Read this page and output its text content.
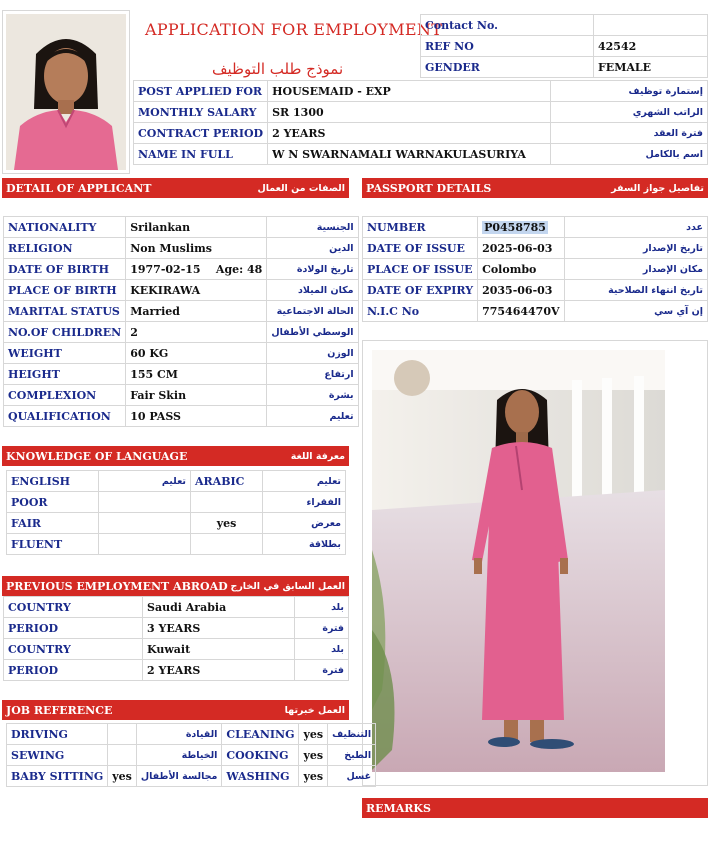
APPLICATION FOR EMPLOYMENT
نموذج طلب التوظيف
Contact No.	
REF NO	42542
GENDER	FEMALE
POST APPLIED FOR	HOUSEMAID - EXP	إستمارة توظيف
MONTHLY SALARY	SR 1300	الراتب الشهري
CONTRACT PERIOD	2 YEARS	فترة العقد
NAME IN FULL	W N SWARNAMALI WARNAKULASURIYA	اسم بالكامل
DETAIL OF APPLICANT	الصفات من العمال PASSPORT DETAILS	تفاصيل جواز السفر
NATIONALITY	Srilankan	الجنسية
RELIGION	Non Muslims	الدين
DATE OF BIRTH	1977-02-15 Age: 48	تاريخ الولادة
PLACE OF BIRTH	KEKIRAWA	مكان الميلاد
MARITAL STATUS	Married	الحالة الاجتماعية
NO.OF CHILDREN	2	الوسطي الأطفال
WEIGHT	60 KG	الوزن
HEIGHT	155 CM	ارتفاع
COMPLEXION	Fair Skin	بشرة
QUALIFICATION	10 PASS	تعليم
NUMBER	P0458785	عدد
DATE OF ISSUE	2025-06-03	تاريخ الإصدار
PLACE OF ISSUE	Colombo	مكان الإصدار
DATE OF EXPIRY	2035-06-03	تاريخ انتهاء الصلاحية
N.I.C No	775464470V	إن آي سي
KNOWLEDGE OF LANGUAGE	معرفة اللغة
ENGLISH	تعليم	ARABIC	تعليم
POOR			الفقراء
FAIR		yes	معرض
FLUENT			بطلاقة
PREVIOUS EMPLOYMENT ABROAD العمل السابق في الخارج
COUNTRY	Saudi Arabia	بلد
PERIOD	3 YEARS	فترة
COUNTRY	Kuwait	بلد
PERIOD	2 YEARS	فترة
JOB REFERENCE	العمل خبرتها
DRIVING		القيادة	CLEANING	yes	التنظيف
SEWING		الخياطة	COOKING	yes	الطبخ
BABY SITTING	yes	مجالسة الأطفال	WASHING	yes	غسل
REMARKS
